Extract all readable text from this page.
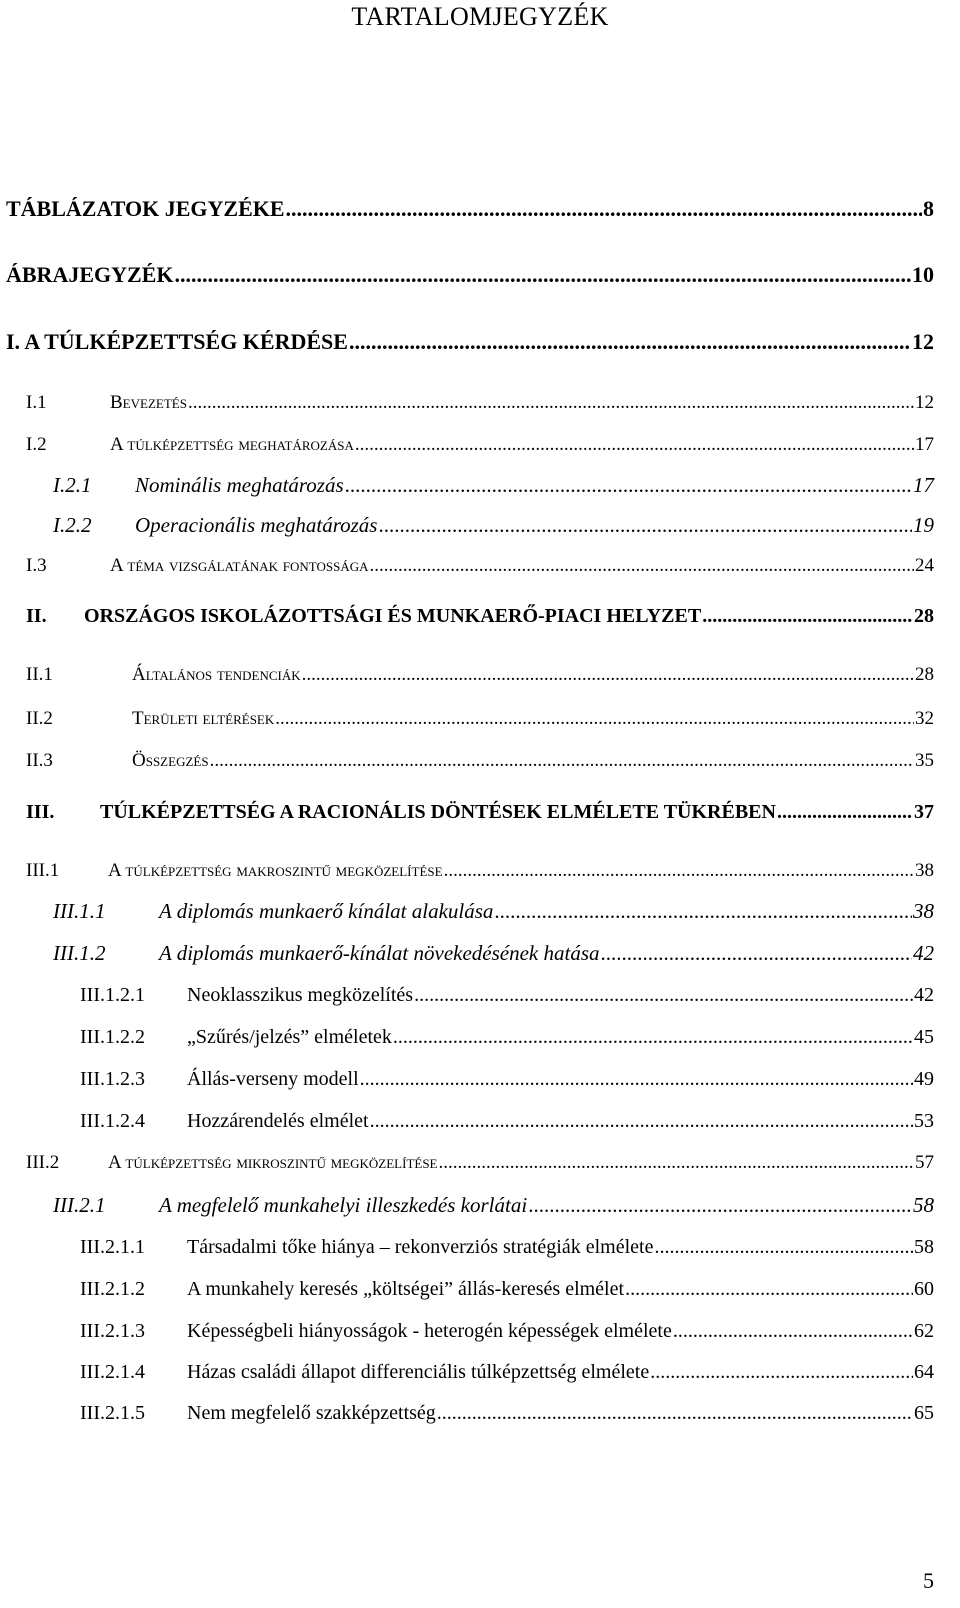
TARTALOMJEGYZÉK
TÁBLÁZATOK JEGYZÉKE .....	8
ÁBRAJEGYZÉK .....	10
I. A TÚLKÉPZETTSÉG KÉRDÉSE .....	12
I.1	Bevezetés .....	12
I.2	A túlképzettség meghatározása .....	17
I.2.1	Nominális meghatározás .....	17
I.2.2	Operacionális meghatározás .....	19
I.3	A téma vizsgálatának fontossága .....	24
II.	ORSZÁGOS ISKOLÁZOTTSÁGI ÉS MUNKAERŐ-PIACI HELYZET .....	28
II.1	Általános tendenciák .....	28
II.2	Területi eltérések .....	32
II.3	Összegzés .....	35
III.	TÚLKÉPZETTSÉG A RACIONÁLIS DÖNTÉSEK ELMÉLETE TÜKRÉBEN .....	37
III.1	A túlképzettség makroszintű megközelítése .....	38
III.1.1	A diplomás munkaerő kínálat alakulása .....	38
III.1.2	A diplomás munkaerő-kínálat növekedésének hatása .....	42
III.1.2.1	Neoklasszikus megközelítés .....	42
III.1.2.2	„Szűrés/jelzés” elméletek .....	45
III.1.2.3	Állás-verseny modell .....	49
III.1.2.4	Hozzárendelés elmélet .....	53
III.2	A túlképzettség mikroszintű megközelítése .....	57
III.2.1	A megfelelő munkahelyi illeszkedés korlátai .....	58
III.2.1.1	Társadalmi tőke hiánya – rekonverziós stratégiák elmélete .....	58
III.2.1.2	A munkahely keresés „költségei” állás-keresés elmélet .....	60
III.2.1.3	Képességbeli hiányosságok - heterogén képességek elmélete .....	62
III.2.1.4	Házas családi állapot differenciális túlképzettség elmélete .....	64
III.2.1.5	Nem megfelelő szakképzettség .....	65
5
